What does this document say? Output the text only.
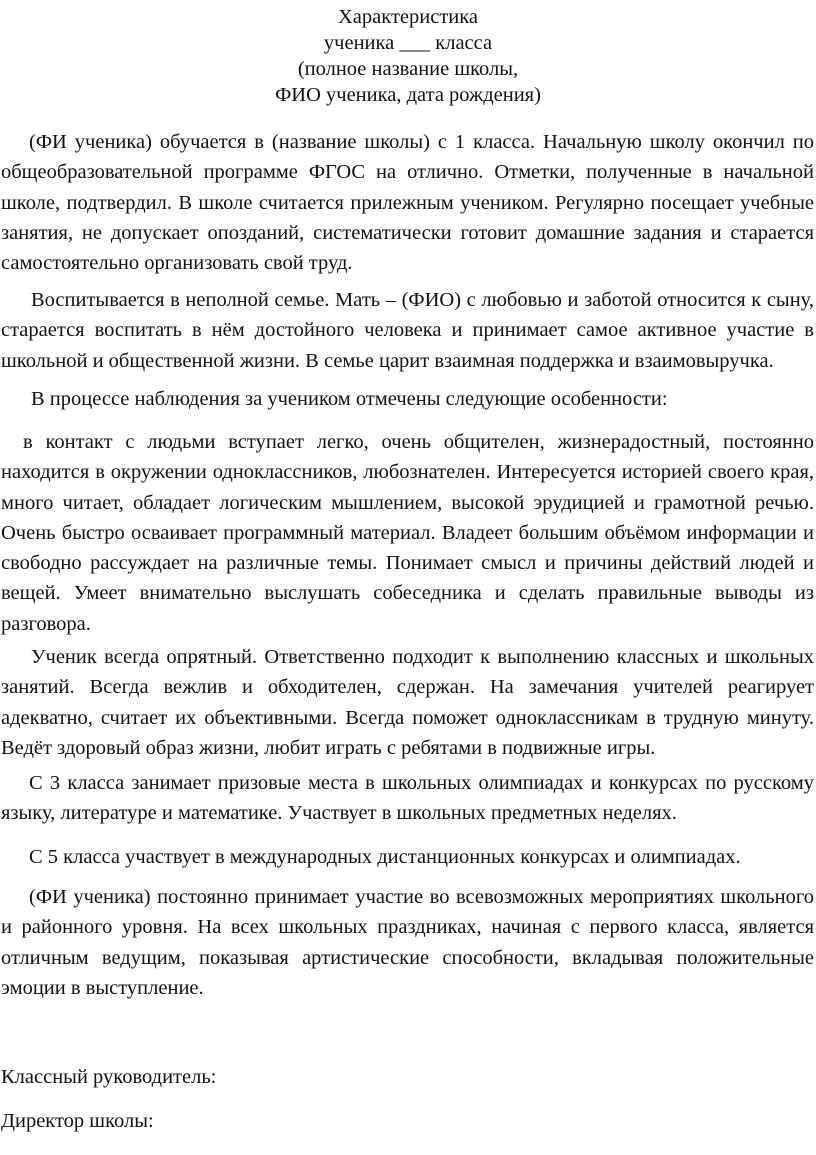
Характеристика
ученика ___ класса
(полное название школы,
ФИО ученика, дата рождения)

(ФИ ученика) обучается в (название школы) с 1 класса. Начальную школу окончил по общеобразовательной программе ФГОС на отлично. Отметки, полученные в начальной школе, подтвердил. В школе считается прилежным учеником. Регулярно посещает учебные занятия, не допускает опозданий, систематически готовит домашние задания и старается самостоятельно организовать свой труд.

Воспитывается в неполной семье. Мать – (ФИО) с любовью и заботой относится к сыну, старается воспитать в нём достойного человека и принимает самое активное участие в школьной и общественной жизни. В семье царит взаимная поддержка и взаимовыручка.

В процессе наблюдения за учеником отмечены следующие особенности:

в контакт с людьми вступает легко, очень общителен, жизнерадостный, постоянно находится в окружении одноклассников, любознателен. Интересуется историей своего края, много читает, обладает логическим мышлением, высокой эрудицией и грамотной речью. Очень быстро осваивает программный материал. Владеет большим объёмом информации и свободно рассуждает на различные темы. Понимает смысл и причины действий людей и вещей. Умеет внимательно выслушать собеседника и сделать правильные выводы из разговора.

Ученик всегда опрятный. Ответственно подходит к выполнению классных и школьных занятий. Всегда вежлив и обходителен, сдержан. На замечания учителей реагирует адекватно, считает их объективными. Всегда поможет одноклассникам в трудную минуту. Ведёт здоровый образ жизни, любит играть с ребятами в подвижные игры.

С 3 класса занимает призовые места в школьных олимпиадах и конкурсах по русскому языку, литературе и математике. Участвует в школьных предметных неделях.

С 5 класса участвует в международных дистанционных конкурсах и олимпиадах.

(ФИ ученика) постоянно принимает участие во всевозможных мероприятиях школьного и районного уровня. На всех школьных праздниках, начиная с первого класса, является отличным ведущим, показывая артистические способности, вкладывая положительные эмоции в выступление.

Классный руководитель:

Директор школы:
